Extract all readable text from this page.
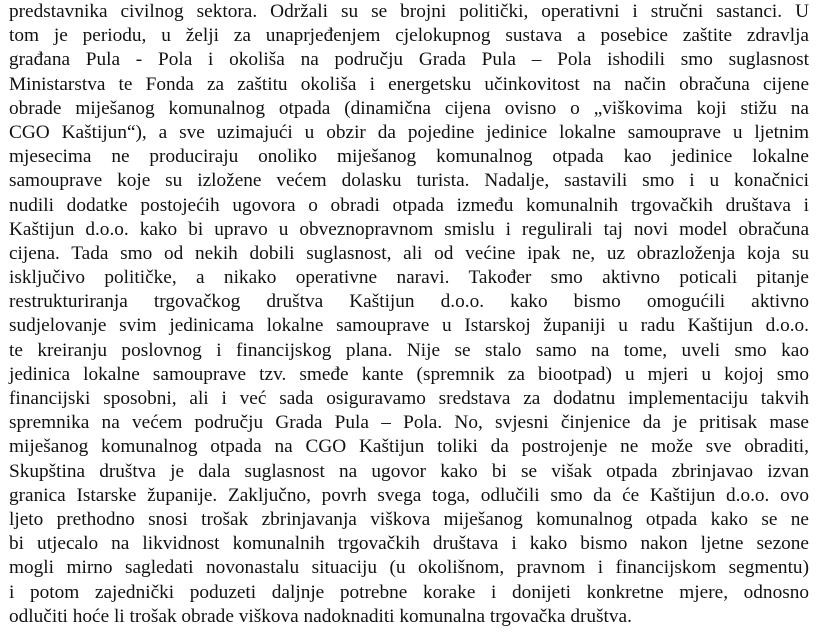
predstavnika civilnog sektora. Održali su se brojni politički, operativni i stručni sastanci. U
tom je periodu, u želji za unaprjeđenjem cjelokupnog sustava a posebice zaštite zdravlja
građana Pula - Pola i okoliša na području Grada Pula – Pola ishodili smo suglasnost
Ministarstva te Fonda za zaštitu okoliša i energetsku učinkovitost na način obračuna cijene
obrade miješanog komunalnog otpada (dinamična cijena ovisno o „viškovima koji stižu na
CGO Kaštijun“), a sve uzimajući u obzir da pojedine jedinice lokalne samouprave u ljetnim
mjesecima ne produciraju onoliko miješanog komunalnog otpada kao jedinice lokalne
samouprave koje su izložene većem dolasku turista. Nadalje, sastavili smo i u konačnici
nudili dodatke postojećih ugovora o obradi otpada između komunalnih trgovačkih društava i
Kaštijun d.o.o. kako bi upravo u obveznopravnom smislu i regulirali taj novi model obračuna
cijena. Tada smo od nekih dobili suglasnost, ali od većine ipak ne, uz obrazloženja koja su
isključivo političke, a nikako operativne naravi. Također smo aktivno poticali pitanje
restrukturiranja trgovačkog društva Kaštijun d.o.o. kako bismo omogućili aktivno
sudjelovanje svim jedinicama lokalne samouprave u Istarskoj županiji u radu Kaštijun d.o.o.
te kreiranju poslovnog i financijskog plana. Nije se stalo samo na tome, uveli smo kao
jedinica lokalne samouprave tzv. smeđe kante (spremnik za biootpad) u mjeri u kojoj smo
financijski sposobni, ali i već sada osiguravamo sredstava za dodatnu implementaciju takvih
spremnika na većem području Grada Pula – Pola. No, svjesni činjenice da je pritisak mase
miješanog komunalnog otpada na CGO Kaštijun toliki da postrojenje ne može sve obraditi,
Skupština društva je dala suglasnost na ugovor kako bi se višak otpada zbrinjavao izvan
granica Istarske županije. Zaključno, povrh svega toga, odlučili smo da će Kaštijun d.o.o. ovo
ljeto prethodno snosi trošak zbrinjavanja viškova miješanog komunalnog otpada kako se ne
bi utjecalo na likvidnost komunalnih trgovačkih društava i kako bismo nakon ljetne sezone
mogli mirno sagledati novonastalu situaciju (u okolišnom, pravnom i financijskom segmentu)
i potom zajednički poduzeti daljnje potrebne korake i donijeti konkretne mjere, odnosno
odlučiti hoće li trošak obrade viškova nadoknaditi komunalna trgovačka društva.
